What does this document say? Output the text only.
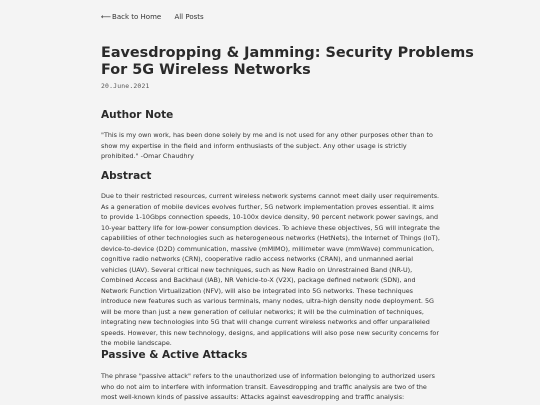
⟵Back to Home All Posts
Eavesdropping & Jamming: Security Problems For 5G Wireless Networks
20.June.2021
Author Note

"This is my own work, has been done solely by me and is not used for any other purposes other than to show my expertise in the field and inform enthusiasts of the subject. Any other usage is strictly prohibited." -Omar Chaudhry

Abstract

Due to their restricted resources, current wireless network systems cannot meet daily user requirements. As a generation of mobile devices evolves further, 5G network implementation proves essential. It aims to provide 1-10Gbps connection speeds, 10-100x device density, 90 percent network power savings, and 10-year battery life for low-power consumption devices. To achieve these objectives, 5G will integrate the capabilities of other technologies such as heterogeneous networks (HetNets), the Internet of Things (IoT), device-to-device (D2D) communication, massive (mMIMO), millimeter wave (mmWave) communication, cognitive radio networks (CRN), cooperative radio access networks (CRAN), and unmanned aerial vehicles (UAV). Several critical new techniques, such as New Radio on Unrestrained Band (NR-U), Combined Access and Backhaul (IAB), NR Vehicle-to-X (V2X), package defined network (SDN), and Network Function Virtualization (NFV), will also be integrated into 5G networks. These techniques introduce new features such as various terminals, many nodes, ultra-high density node deployment. 5G will be more than just a new generation of cellular networks; it will be the culmination of techniques, integrating new technologies into 5G that will change current wireless networks and offer unparalleled speeds. However, this new technology, designs, and applications will also pose new security concerns for the mobile landscape.

Passive & Active Attacks

The phrase "passive attack" refers to the unauthorized use of information belonging to authorized users who do not aim to interfere with information transit. Eavesdropping and traffic analysis are two of the most well-known kinds of passive assaults: Attacks against eavesdropping and traffic analysis:
